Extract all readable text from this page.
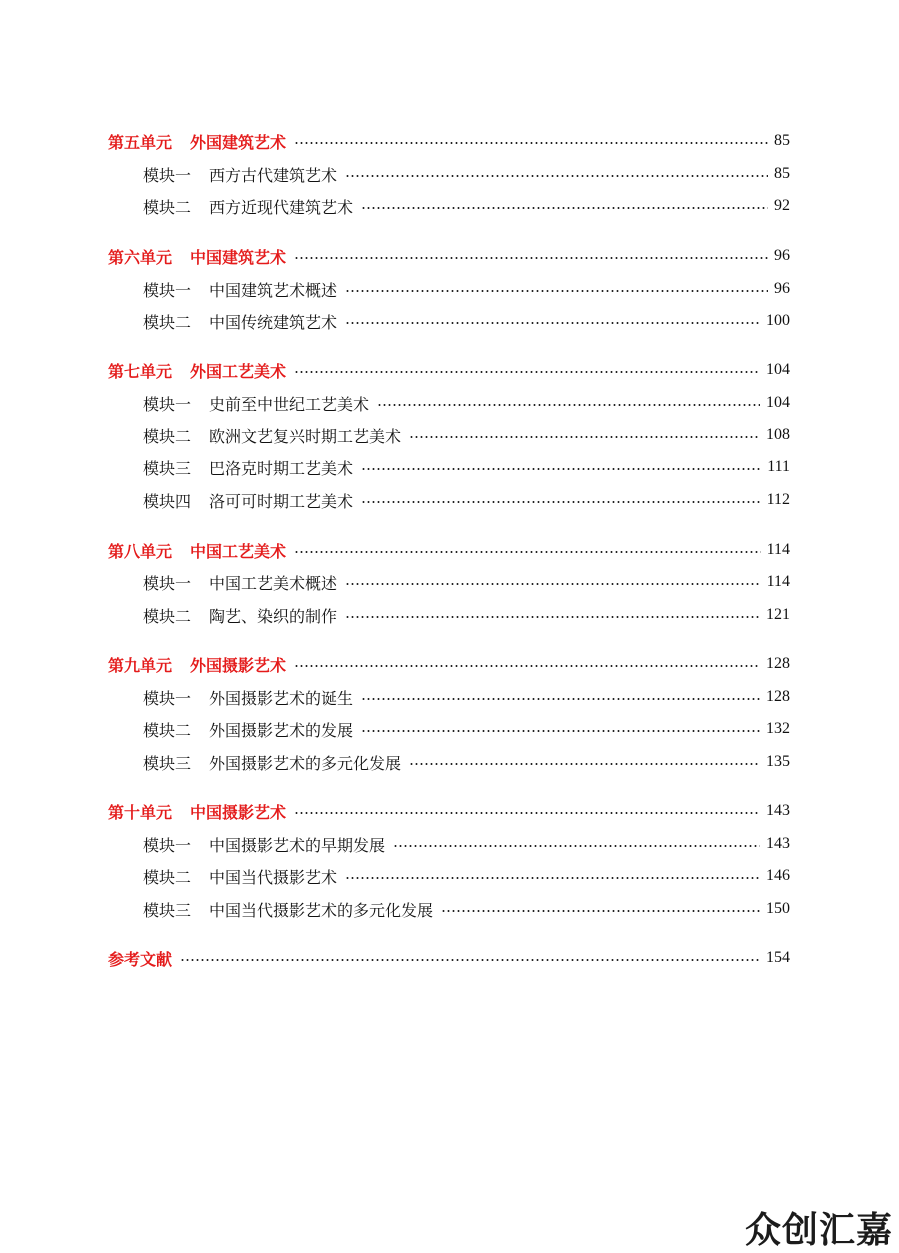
第五单元 外国建筑艺术	85
模块一 西方古代建筑艺术	85
模块二 西方近现代建筑艺术	92
第六单元 中国建筑艺术	96
模块一 中国建筑艺术概述	96
模块二 中国传统建筑艺术	100
第七单元 外国工艺美术	104
模块一 史前至中世纪工艺美术	104
模块二 欧洲文艺复兴时期工艺美术	108
模块三 巴洛克时期工艺美术	111
模块四 洛可可时期工艺美术	112
第八单元 中国工艺美术	114
模块一 中国工艺美术概述	114
模块二 陶艺、染织的制作	121
第九单元 外国摄影艺术	128
模块一 外国摄影艺术的诞生	128
模块二 外国摄影艺术的发展	132
模块三 外国摄影艺术的多元化发展	135
第十单元 中国摄影艺术	143
模块一 中国摄影艺术的早期发展	143
模块二 中国当代摄影艺术	146
模块三 中国当代摄影艺术的多元化发展	150
参考文献	154
众创汇嘉
